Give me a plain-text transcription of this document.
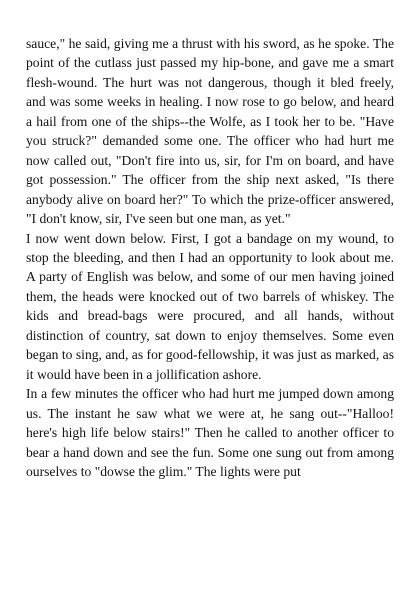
sauce," he said, giving me a thrust with his sword, as he spoke. The point of the cutlass just passed my hip-bone, and gave me a smart flesh-wound. The hurt was not dangerous, though it bled freely, and was some weeks in healing. I now rose to go below, and heard a hail from one of the ships--the Wolfe, as I took her to be. "Have you struck?" demanded some one. The officer who had hurt me now called out, "Don't fire into us, sir, for I'm on board, and have got possession." The officer from the ship next asked, "Is there anybody alive on board her?" To which the prize-officer answered, "I don't know, sir, I've seen but one man, as yet."

I now went down below. First, I got a bandage on my wound, to stop the bleeding, and then I had an opportunity to look about me. A party of English was below, and some of our men having joined them, the heads were knocked out of two barrels of whiskey. The kids and bread-bags were procured, and all hands, without distinction of country, sat down to enjoy themselves. Some even began to sing, and, as for good-fellowship, it was just as marked, as it would have been in a jollification ashore.

In a few minutes the officer who had hurt me jumped down among us. The instant he saw what we were at, he sang out--"Halloo! here's high life below stairs!" Then he called to another officer to bear a hand down and see the fun. Some one sung out from among ourselves to "dowse the glim." The lights were put
